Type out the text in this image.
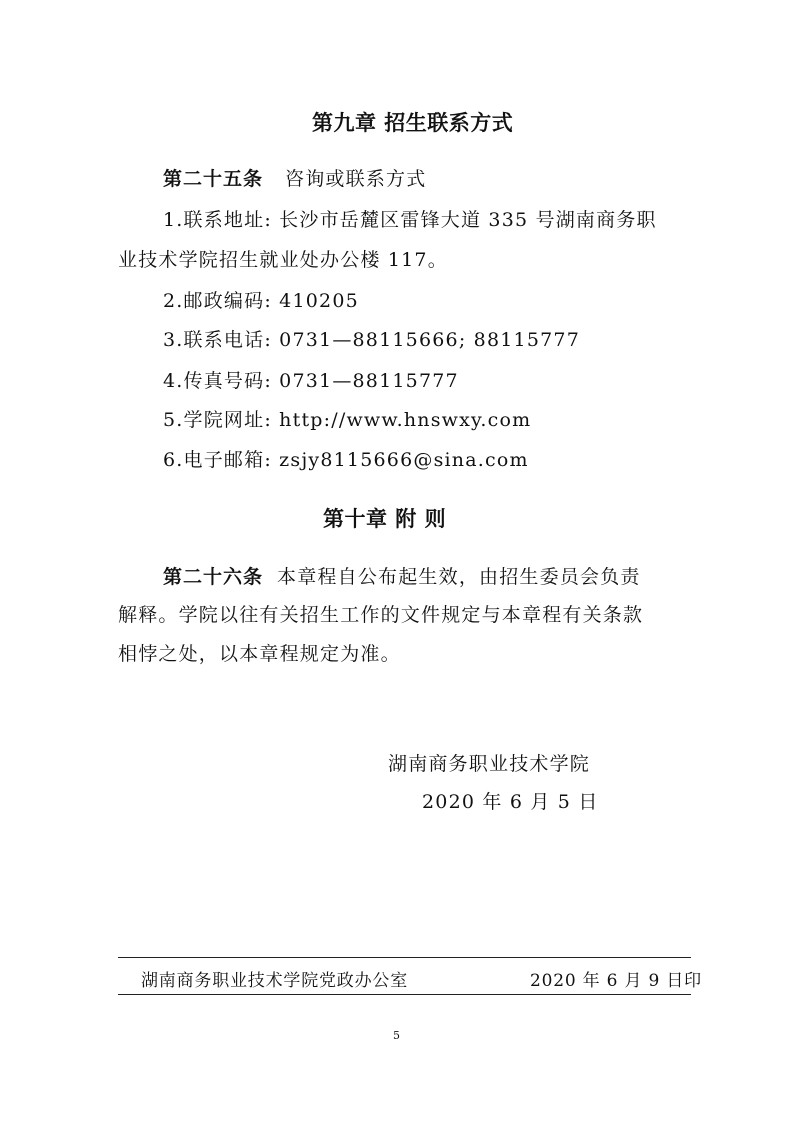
第九章 招生联系方式
第二十五条 咨询或联系方式
1.联系地址: 长沙市岳麓区雷锋大道 335 号湖南商务职
业技术学院招生就业处办公楼 117。
2.邮政编码: 410205
3.联系电话: 0731—88115666; 88115777
4.传真号码: 0731—88115777
5.学院网址: http://www.hnswxy.com
6.电子邮箱: zsjy8115666@sina.com
第十章 附 则
第二十六条 本章程自公布起生效，由招生委员会负责
解释。学院以往有关招生工作的文件规定与本章程有关条款
相悖之处，以本章程规定为准。
湖南商务职业技术学院
2020 年 6 月 5 日
湖南商务职业技术学院党政办公室	2020 年 6 月 9 日印
5
